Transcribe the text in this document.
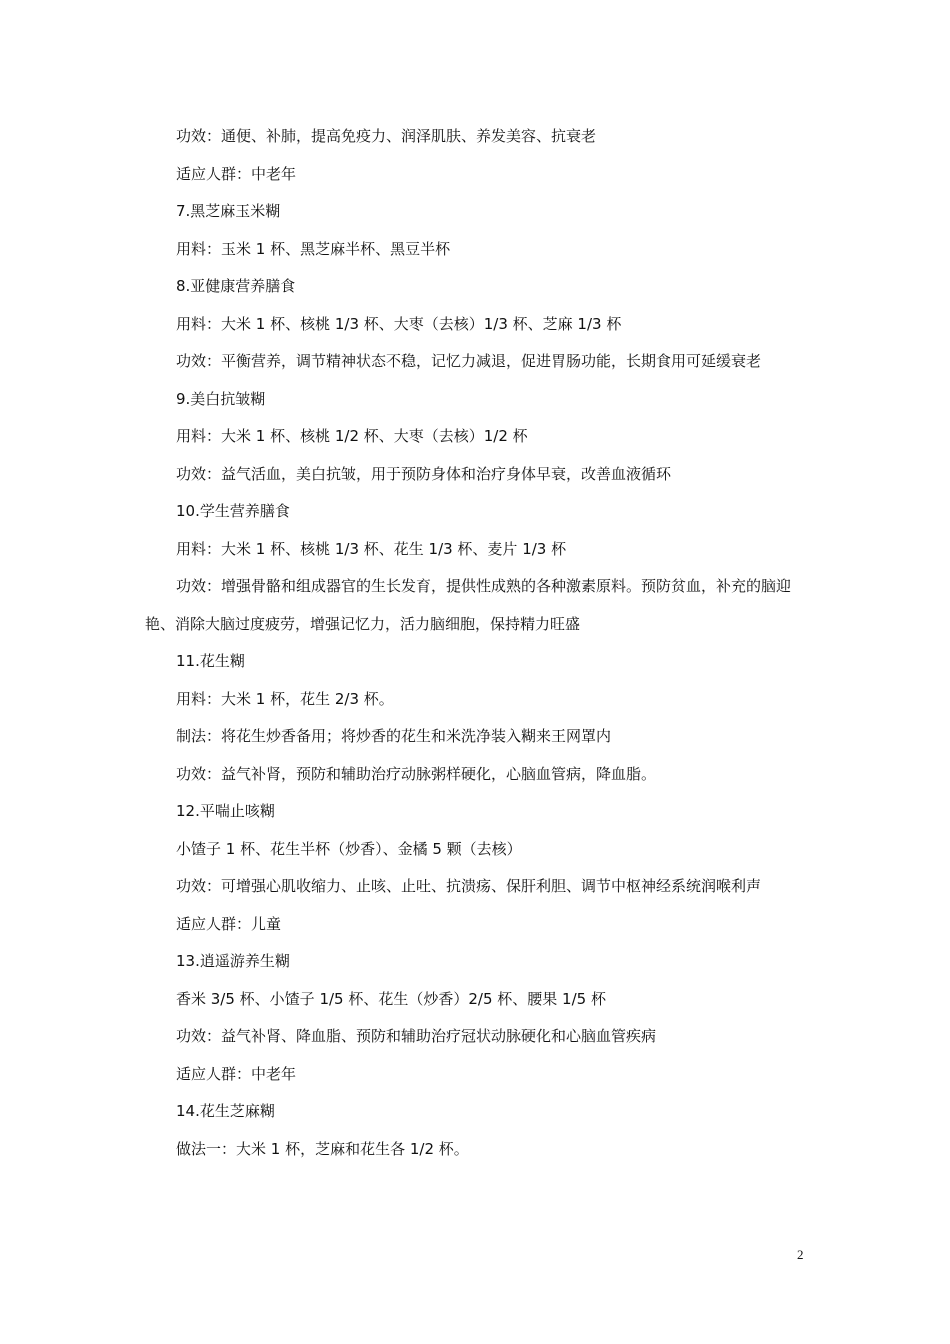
功效：通便、补肺，提高免疫力、润泽肌肤、养发美容、抗衰老

适应人群：中老年

7.黑芝麻玉米糊

用料：玉米 1 杯、黑芝麻半杯、黑豆半杯

8.亚健康营养膳食

用料：大米 1 杯、核桃 1/3 杯、大枣（去核）1/3 杯、芝麻 1/3 杯

功效：平衡营养，调节精神状态不稳，记忆力减退，促进胃肠功能，长期食用可延缓衰老

9.美白抗皱糊

用料：大米 1 杯、核桃 1/2 杯、大枣（去核）1/2 杯

功效：益气活血，美白抗皱，用于预防身体和治疗身体早衰，改善血液循环

10.学生营养膳食

用料：大米 1 杯、核桃 1/3 杯、花生 1/3 杯、麦片 1/3 杯

功效：增强骨骼和组成器官的生长发育，提供性成熟的各种激素原料。预防贫血，补充的脑迎艳、消除大脑过度疲劳，增强记忆力，活力脑细胞，保持精力旺盛

11.花生糊

用料：大米 1 杯，花生 2/3 杯。

制法：将花生炒香备用；将炒香的花生和米洗净装入糊来王网罩内

功效：益气补肾，预防和辅助治疗动脉粥样硬化，心脑血管病，降血脂。

12.平喘止咳糊

小馇子 1 杯、花生半杯（炒香）、金橘 5 颗（去核）

功效：可增强心肌收缩力、止咳、止吐、抗溃疡、保肝利胆、调节中枢神经系统润喉利声

适应人群：儿童

13.逍遥游养生糊

香米 3/5 杯、小馇子 1/5 杯、花生（炒香）2/5 杯、腰果 1/5 杯

功效：益气补肾、降血脂、预防和辅助治疗冠状动脉硬化和心脑血管疾病

适应人群：中老年

14.花生芝麻糊

做法一：大米 1 杯，芝麻和花生各 1/2 杯。

2
